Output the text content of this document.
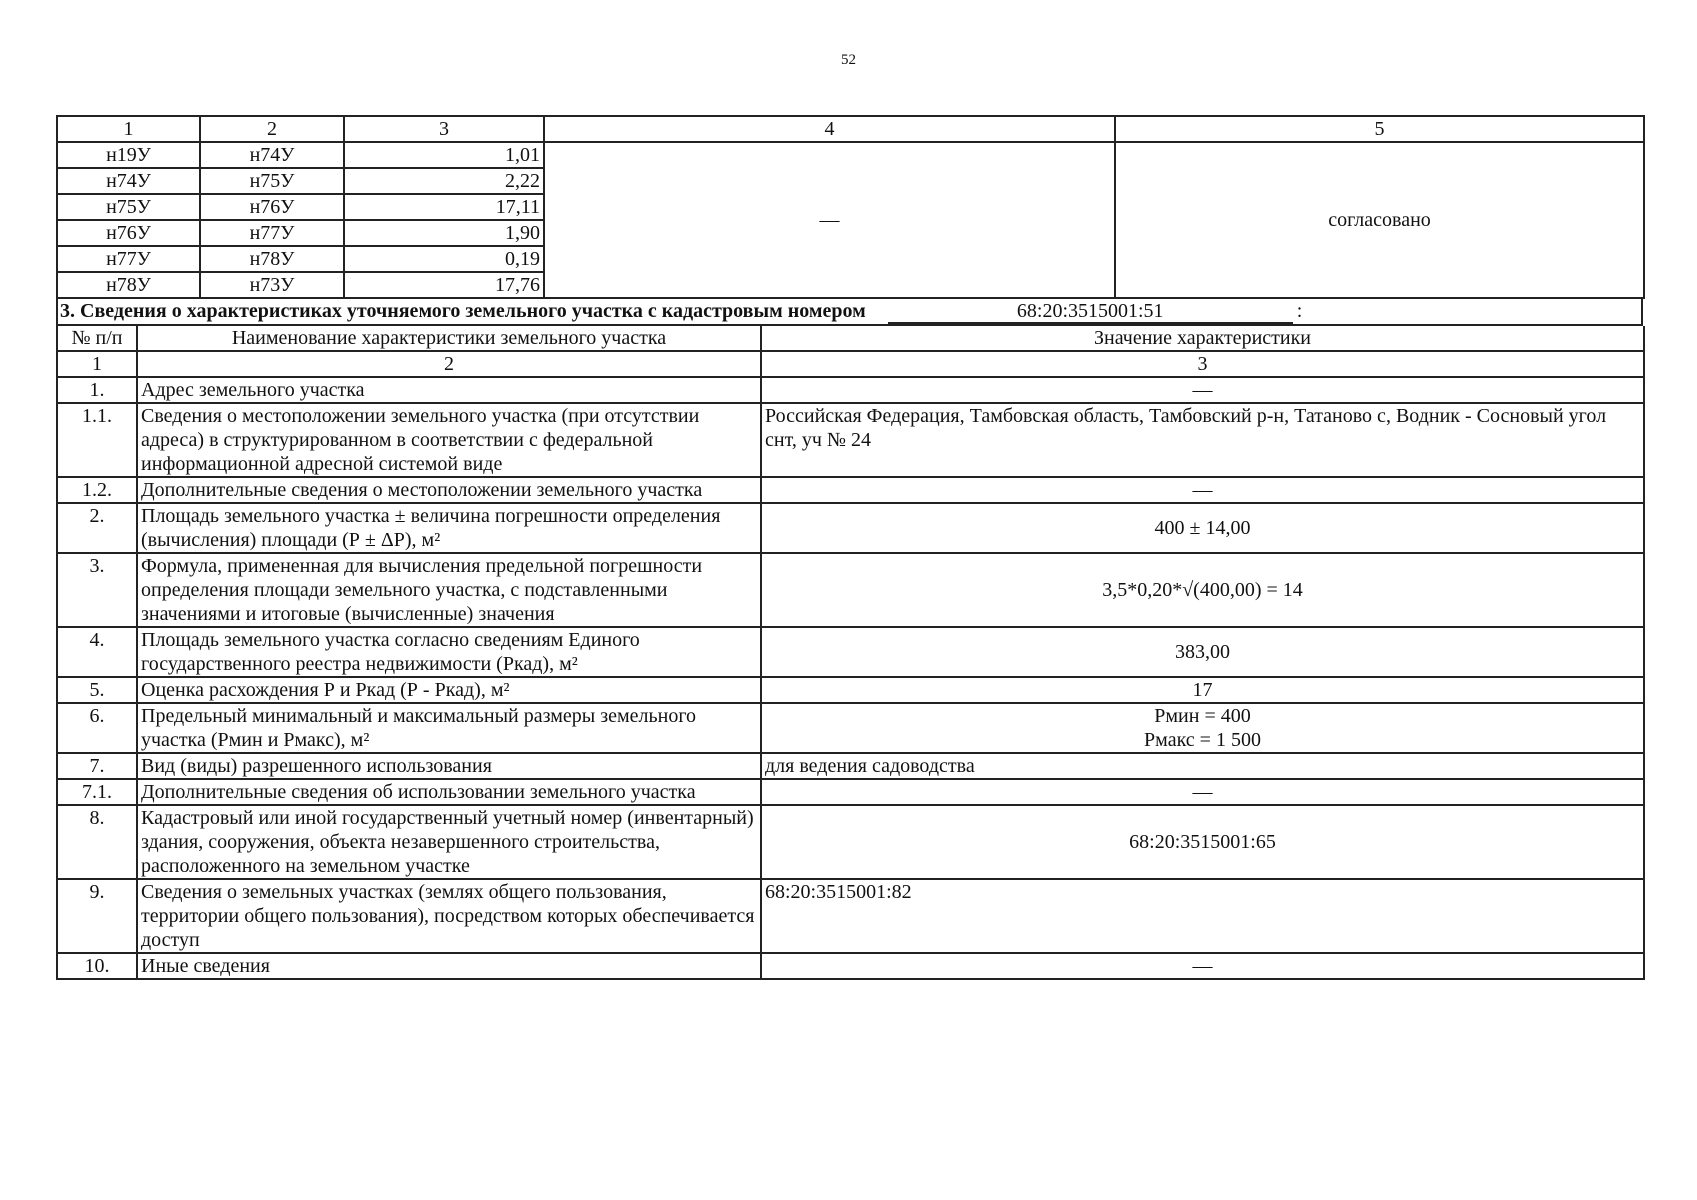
52
1	2	3	4	5
н19У	н74У	1,01	—	согласовано
н74У	н75У	2,22		
н75У	н76У	17,11		
н76У	н77У	1,90		
н77У	н78У	0,19		
н78У	н73У	17,76		
3. Сведения о характеристиках уточняемого земельного участка с кадастровым номером	68:20:3515001:51	:
№ п/п	Наименование характеристики земельного участка	Значение характеристики
1	2	3
1.	Адрес земельного участка	—
1.1.	Сведения о местоположении земельного участка (при отсутствии адреса) в структурированном в соответствии с федеральной информационной адресной системой виде	Российская Федерация, Тамбовская область, Тамбовский р-н, Татаново с, Водник - Сосновый угол снт, уч № 24
1.2.	Дополнительные сведения о местоположении земельного участка	—
2.	Площадь земельного участка ± величина погрешности определения (вычисления) площади (Р ± ΔР), м²	400 ± 14,00
3.	Формула, примененная для вычисления предельной погрешности определения площади земельного участка, с подставленными значениями и итоговые (вычисленные) значения	3,5*0,20*√(400,00) = 14
4.	Площадь земельного участка согласно сведениям Единого государственного реестра недвижимости (Ркад), м²	383,00
5.	Оценка расхождения Р и Ркад (Р - Ркад), м²	17
6.	Предельный минимальный и максимальный размеры земельного участка (Рмин и Рмакс), м²	Рмин = 400
Рмакс = 1 500

7.	Вид (виды) разрешенного использования	для ведения садоводства
7.1.	Дополнительные сведения об использовании земельного участка	—
8.	Кадастровый или иной государственный учетный номер (инвентарный) здания, сооружения, объекта незавершенного строительства, расположенного на земельном участке	68:20:3515001:65
9.	Сведения о земельных участках (землях общего пользования, территории общего пользования), посредством которых обеспечивается доступ	68:20:3515001:82
10.	Иные сведения	—
